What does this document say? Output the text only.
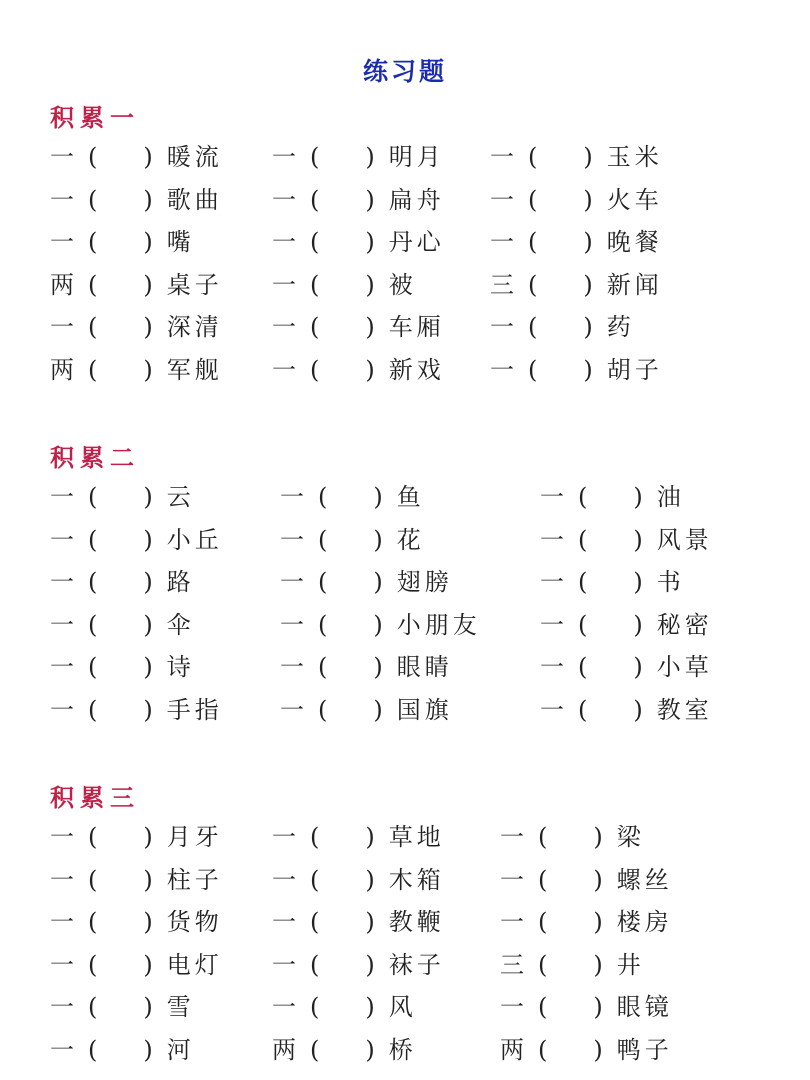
练习题
积累一
一 ( ) 暖流 一 ( ) 明月 一 ( ) 玉米
一 ( ) 歌曲 一 ( ) 扁舟 一 ( ) 火车
一 ( ) 嘴	一 ( ) 丹心 一 ( ) 晚餐
两 ( ) 桌子 一 ( ) 被	三 ( ) 新闻
一 ( ) 深清 一 ( ) 车厢 一 ( ) 药
两 ( ) 军舰 一 ( ) 新戏 一 ( ) 胡子
积累二
一 ( ) 云	一 ( ) 鱼	一 ( ) 油
一 ( ) 小丘 一 ( ) 花	一 ( ) 风景
一 ( ) 路	一 ( ) 翅膀	一 ( ) 书
一 ( ) 伞	一 ( ) 小朋友 一 ( ) 秘密
一 ( ) 诗	一 ( ) 眼睛	一 ( ) 小草
一 ( ) 手指 一 ( ) 国旗	一 ( ) 教室
积累三
一 ( ) 月牙 一 ( ) 草地 一 ( ) 梁
一 ( ) 柱子 一 ( ) 木箱 一 ( ) 螺丝
一 ( ) 货物 一 ( ) 教鞭 一 ( ) 楼房
一 ( ) 电灯 一 ( ) 袜子 三 ( ) 井
一 ( ) 雪	一 ( ) 风	一 ( ) 眼镜
一 ( ) 河	两 ( ) 桥	两 ( ) 鸭子
